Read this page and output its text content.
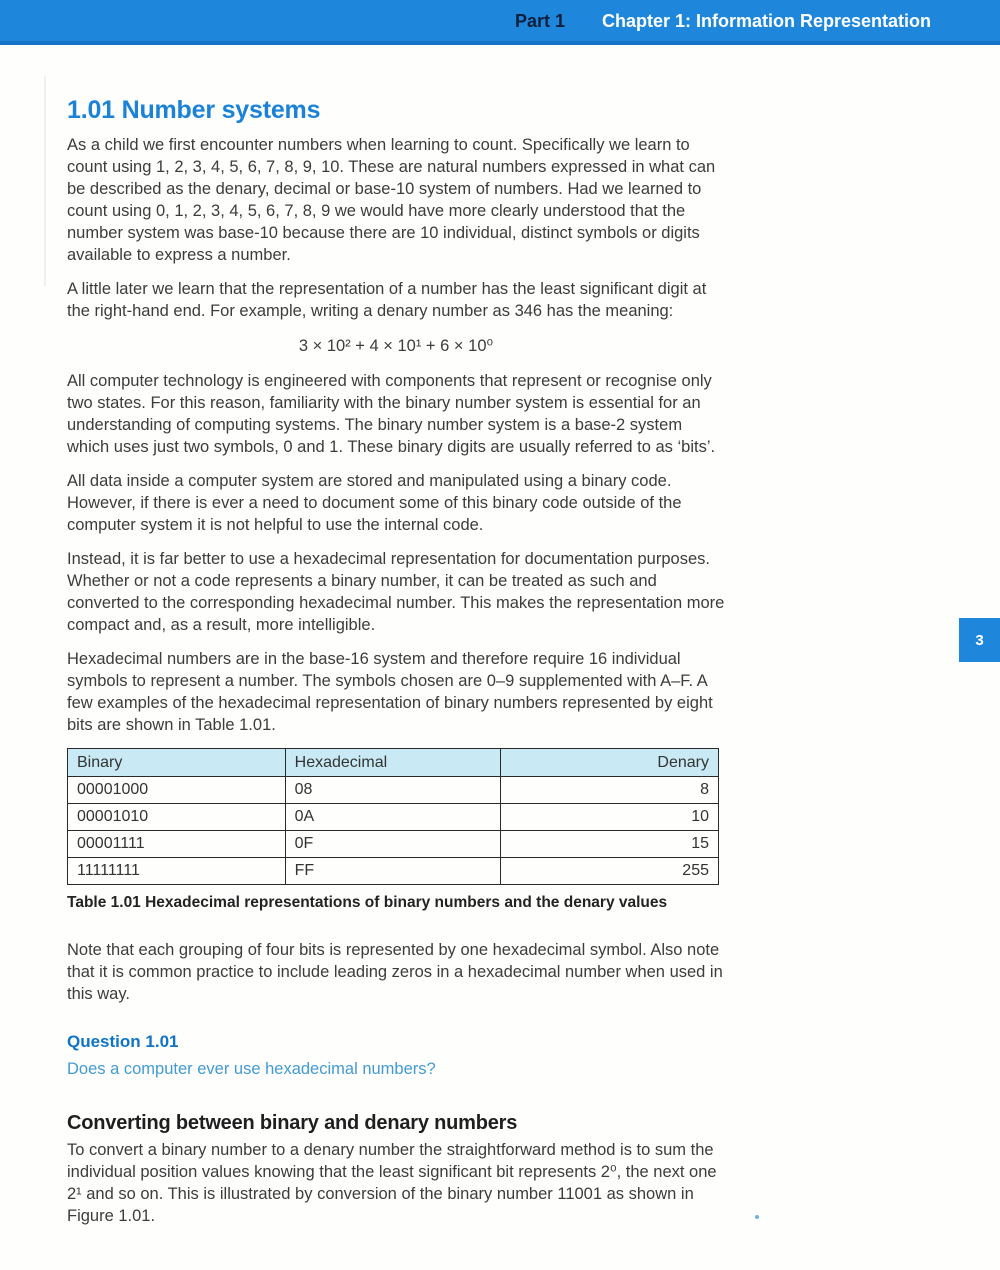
Part 1 Chapter 1: Information Representation
1.01 Number systems

As a child we first encounter numbers when learning to count. Specifically we learn to count using 1, 2, 3, 4, 5, 6, 7, 8, 9, 10. These are natural numbers expressed in what can be described as the denary, decimal or base-10 system of numbers. Had we learned to count using 0, 1, 2, 3, 4, 5, 6, 7, 8, 9 we would have more clearly understood that the number system was base-10 because there are 10 individual, distinct symbols or digits available to express a number.

A little later we learn that the representation of a number has the least significant digit at the right-hand end. For example, writing a denary number as 346 has the meaning:

3 × 10² + 4 × 10¹ + 6 × 10⁰

All computer technology is engineered with components that represent or recognise only two states. For this reason, familiarity with the binary number system is essential for an understanding of computing systems. The binary number system is a base-2 system which uses just two symbols, 0 and 1. These binary digits are usually referred to as ‘bits’.

All data inside a computer system are stored and manipulated using a binary code. However, if there is ever a need to document some of this binary code outside of the computer system it is not helpful to use the internal code.

Instead, it is far better to use a hexadecimal representation for documentation purposes. Whether or not a code represents a binary number, it can be treated as such and converted to the corresponding hexadecimal number. This makes the representation more compact and, as a result, more intelligible.

Hexadecimal numbers are in the base-16 system and therefore require 16 individual symbols to represent a number. The symbols chosen are 0–9 supplemented with A–F. A few examples of the hexadecimal representation of binary numbers represented by eight bits are shown in Table 1.01.

Binary	Hexadecimal	Denary
00001000	08	8
00001010	0A	10
00001111	0F	15
11111111	FF	255
Table 1.01 Hexadecimal representations of binary numbers and the denary values

Note that each grouping of four bits is represented by one hexadecimal symbol. Also note that it is common practice to include leading zeros in a hexadecimal number when used in this way.

Question 1.01
Does a computer ever use hexadecimal numbers?
Converting between binary and denary numbers

To convert a binary number to a denary number the straightforward method is to sum the individual position values knowing that the least significant bit represents 2⁰, the next one 2¹ and so on. This is illustrated by conversion of the binary number 11001 as shown in Figure 1.01.

3
